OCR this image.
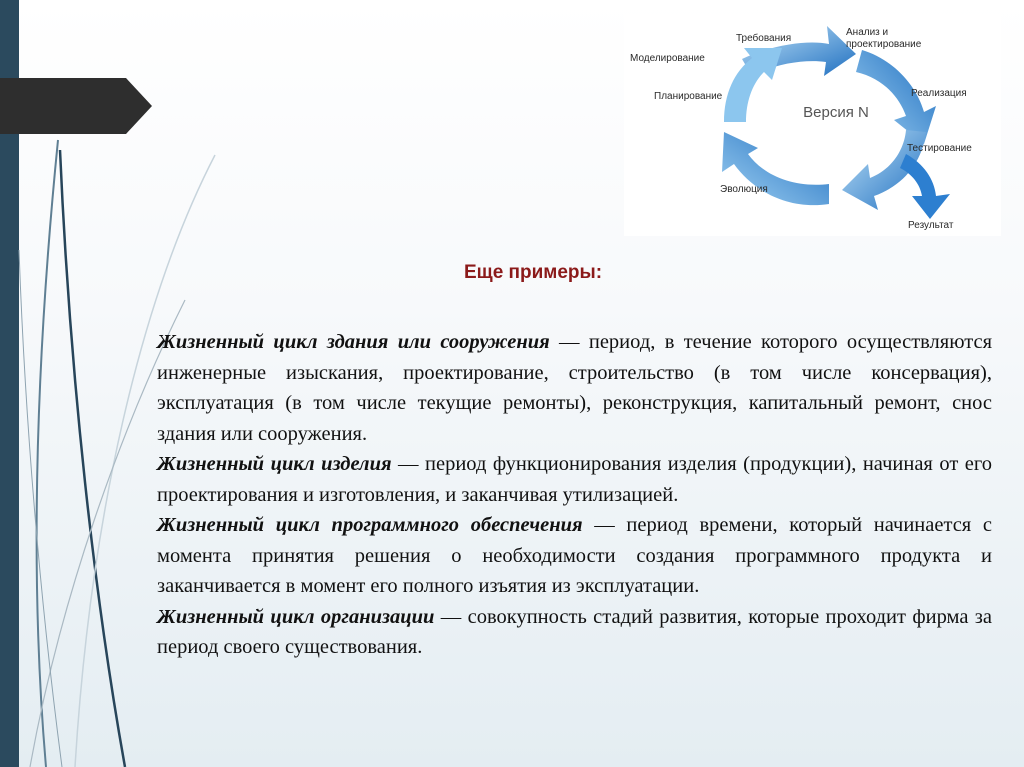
Версия N
Требования
Анализ и
проектирование
Моделирование
Планирование	Реализация
Тестирование
Эволюция
Результат
Еще примеры:

Жизненный цикл здания или сооружения — период, в течение которого осуществляются инженерные изыскания, проектирование, строительство (в том числе консервация), эксплуатация (в том числе текущие ремонты), реконструкция, капитальный ремонт, снос здания или сооружения.

Жизненный цикл изделия — период функционирования изделия (продукции), начиная от его проектирования и изготовления, и заканчивая утилизацией.

Жизненный цикл программного обеспечения — период времени, который начинается с момента принятия решения о необходимости создания программного продукта и заканчивается в момент его полного изъятия из эксплуатации.

Жизненный цикл организации — совокупность стадий развития, которые проходит фирма за период своего существования.
